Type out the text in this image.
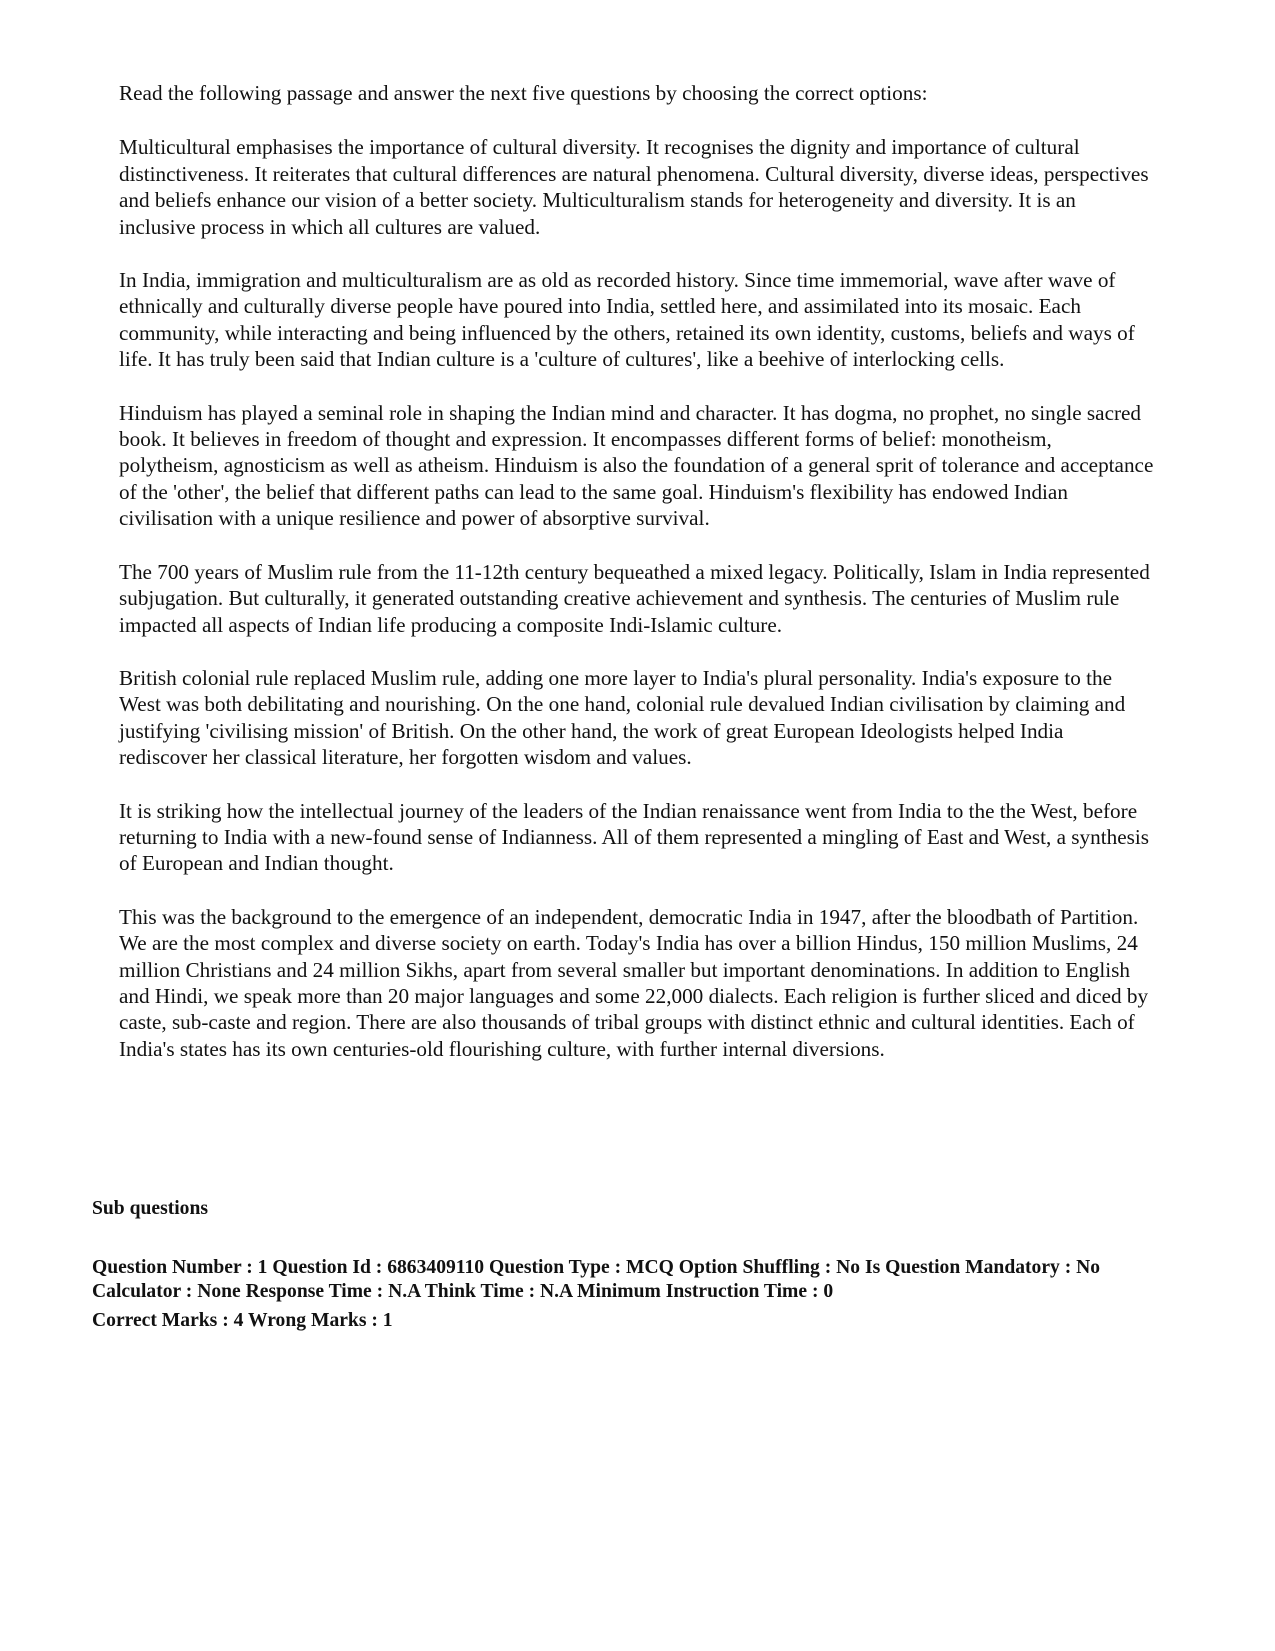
Read the following passage and answer the next five questions by choosing the correct options:

Multicultural emphasises the importance of cultural diversity. It recognises the dignity and importance of cultural distinctiveness. It reiterates that cultural differences are natural phenomena. Cultural diversity, diverse ideas, perspectives and beliefs enhance our vision of a better society. Multiculturalism stands for heterogeneity and diversity. It is an inclusive process in which all cultures are valued.

In India, immigration and multiculturalism are as old as recorded history. Since time immemorial, wave after wave of ethnically and culturally diverse people have poured into India, settled here, and assimilated into its mosaic. Each community, while interacting and being influenced by the others, retained its own identity, customs, beliefs and ways of life. It has truly been said that Indian culture is a 'culture of cultures', like a beehive of interlocking cells.

Hinduism has played a seminal role in shaping the Indian mind and character. It has dogma, no prophet, no single sacred book. It believes in freedom of thought and expression. It encompasses different forms of belief: monotheism, polytheism, agnosticism as well as atheism. Hinduism is also the foundation of a general sprit of tolerance and acceptance of the 'other', the belief that different paths can lead to the same goal. Hinduism's flexibility has endowed Indian civilisation with a unique resilience and power of absorptive survival.

The 700 years of Muslim rule from the 11-12th century bequeathed a mixed legacy. Politically, Islam in India represented subjugation. But culturally, it generated outstanding creative achievement and synthesis. The centuries of Muslim rule impacted all aspects of Indian life producing a composite Indi-Islamic culture.

British colonial rule replaced Muslim rule, adding one more layer to India's plural personality. India's exposure to the West was both debilitating and nourishing. On the one hand, colonial rule devalued Indian civilisation by claiming and justifying 'civilising mission' of British. On the other hand, the work of great European Ideologists helped India rediscover her classical literature, her forgotten wisdom and values.

It is striking how the intellectual journey of the leaders of the Indian renaissance went from India to the the West, before returning to India with a new-found sense of Indianness. All of them represented a mingling of East and West, a synthesis of European and Indian thought.

This was the background to the emergence of an independent, democratic India in 1947, after the bloodbath of Partition. We are the most complex and diverse society on earth. Today's India has over a billion Hindus, 150 million Muslims, 24 million Christians and 24 million Sikhs, apart from several smaller but important denominations. In addition to English and Hindi, we speak more than 20 major languages and some 22,000 dialects. Each religion is further sliced and diced by caste, sub-caste and region. There are also thousands of tribal groups with distinct ethnic and cultural identities. Each of India's states has its own centuries-old flourishing culture, with further internal diversions.

Sub questions
Question Number : 1 Question Id : 6863409110 Question Type : MCQ Option Shuffling : No Is Question Mandatory : No
Calculator : None Response Time : N.A Think Time : N.A Minimum Instruction Time : 0
Correct Marks : 4 Wrong Marks : 1
